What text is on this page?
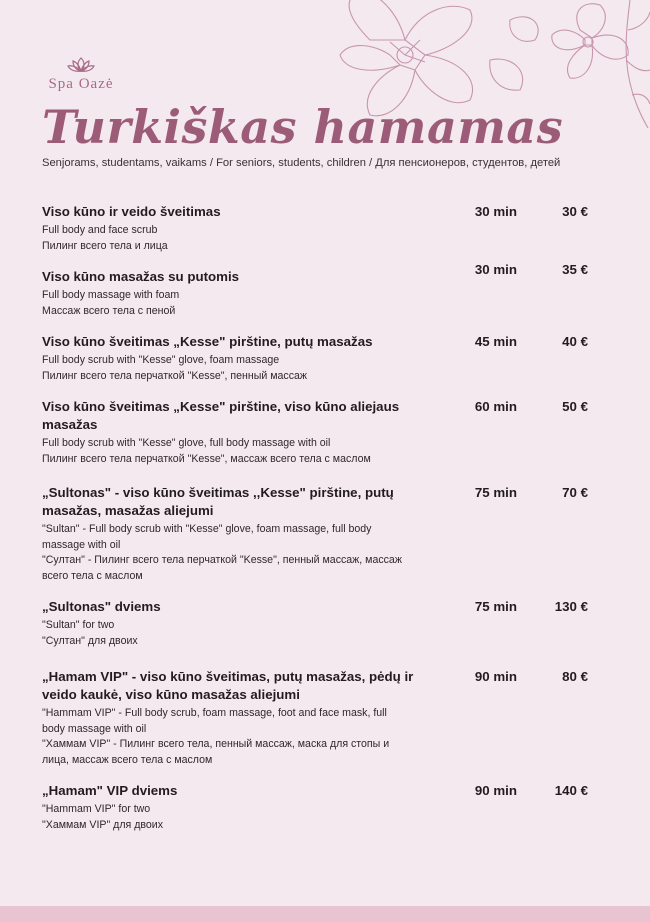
Spa Oazė
Turkiškas hamamas
Senjorams, studentams, vaikams / For seniors, students, children / Для пенсионеров, студентов, детей
Viso kūno ir veido šveitimas
Full body and face scrub
Пилинг всего тела и лица
30 min	30 €
Viso kūno masažas su putomis
Full body massage with foam
Массаж всего тела с пеной
30 min	35 €
Viso kūno šveitimas „Kesse" pirštine, putų masažas
Full body scrub with "Kesse" glove, foam massage
Пилинг всего тела перчаткой "Kesse", пенный массаж
45 min	40 €
Viso kūno šveitimas „Kesse" pirštine, viso kūno aliejaus masažas
Full body scrub with "Kesse" glove, full body massage with oil
Пилинг всего тела перчаткой "Kesse", массаж всего тела с маслом
60 min	50 €
„Sultonas" - viso kūno šveitimas ,,Kesse" pirštine, putų masažas, masažas aliejumi
"Sultan" - Full body scrub with "Kesse" glove, foam massage, full body massage with oil
"Султан" - Пилинг всего тела перчаткой "Kesse", пенный массаж, массаж всего тела с маслом
75 min	70 €
„Sultonas" dviems
"Sultan" for two
"Султан" для двоих
75 min	130 €
„Hamam VIP" - viso kūno šveitimas, putų masažas, pėdų ir veido kaukė, viso kūno masažas aliejumi
"Hammam VIP" - Full body scrub, foam massage, foot and face mask, full body massage with oil
"Хаммам VIP" - Пилинг всего тела, пенный массаж, маска для стопы и лица, массаж всего тела с маслом
90 min	80 €
„Hamam" VIP dviems
"Hammam VIP" for two
"Хаммам VIP" для двоих
90 min	140 €
